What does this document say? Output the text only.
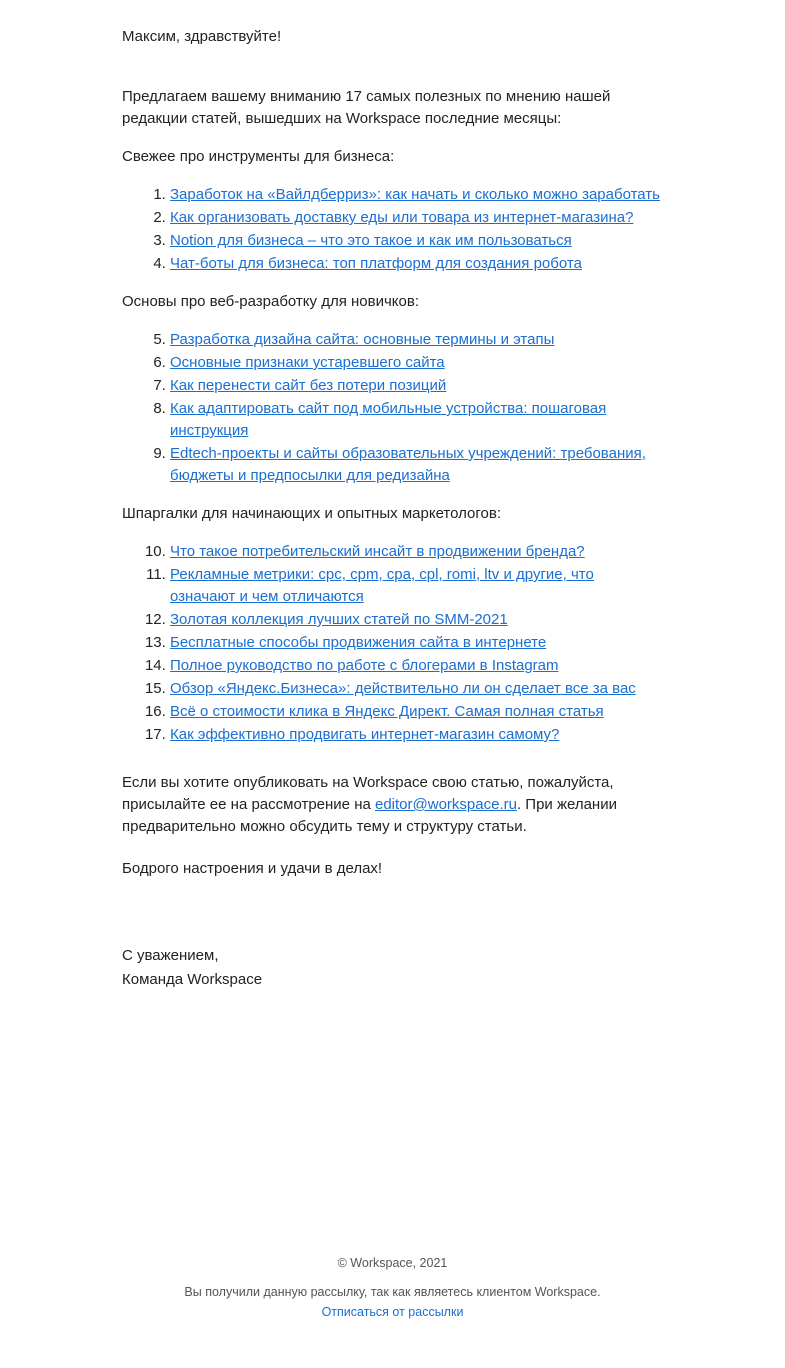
Максим, здравствуйте!

Предлагаем вашему вниманию 17 самых полезных по мнению нашей редакции статей, вышедших на Workspace последние месяцы:

Свежее про инструменты для бизнеса:

1. Заработок на «Вайлдберриз»: как начать и сколько можно заработать
2. Как организовать доставку еды или товара из интернет-магазина?
3. Notion для бизнеса – что это такое и как им пользоваться
4. Чат-боты для бизнеса: топ платформ для создания робота

Основы про веб-разработку для новичков:

5. Разработка дизайна сайта: основные термины и этапы
6. Основные признаки устаревшего сайта
7. Как перенести сайт без потери позиций
8. Как адаптировать сайт под мобильные устройства: пошаговая инструкция
9. Edtech-проекты и сайты образовательных учреждений: требования, бюджеты и предпосылки для редизайна

Шпаргалки для начинающих и опытных маркетологов:

10. Что такое потребительский инсайт в продвижении бренда?
11. Рекламные метрики: cpc, cpm, cpa, cpl, romi, ltv и другие, что означают и чем отличаются
12. Золотая коллекция лучших статей по SMM-2021
13. Бесплатные способы продвижения сайта в интернете
14. Полное руководство по работе с блогерами в Instagram
15. Обзор «Яндекс.Бизнеса»: действительно ли он сделает все за вас
16. Всё о стоимости клика в Яндекс Директ. Самая полная статья
17. Как эффективно продвигать интернет-магазин самому?

Если вы хотите опубликовать на Workspace свою статью, пожалуйста, присылайте ее на рассмотрение на editor@workspace.ru. При желании предварительно можно обсудить тему и структуру статьи.

Бодрого настроения и удачи в делах!

С уважением,

Команда Workspace

© Workspace, 2021
Вы получили данную рассылку, так как являетесь клиентом Workspace.
Отписаться от рассылки
